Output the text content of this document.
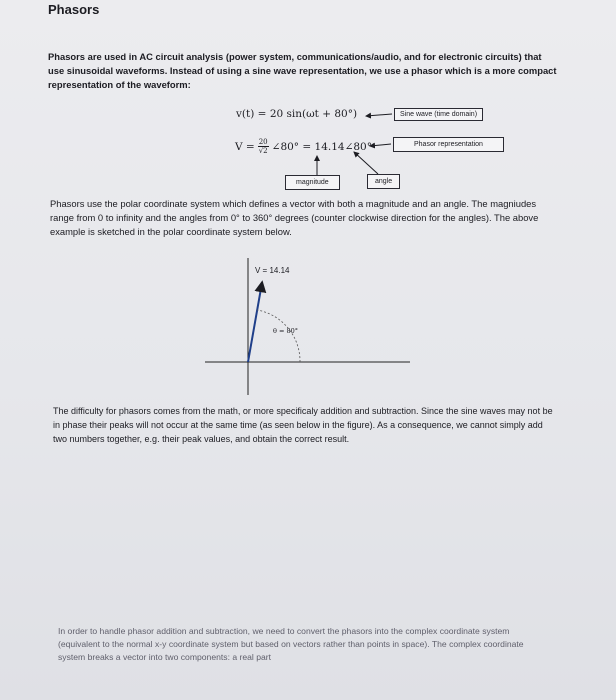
Phasors
Phasors are used in AC circuit analysis (power system, communications/audio, and for electronic circuits) that use sinusoidal waveforms. Instead of using a sine wave representation, we use a phasor which is a more compact representation of the waveform:
v(t) = 20 sin(ωt + 80°)
$V = \frac{20}{√2}$ ∠80° = 14.14∠80°
Sine wave (time domain)
Phasor representation
magnitude	angle
V = 14.14
θ = 80°
Phasors use the polar coordinate system which defines a vector with both a magnitude and an angle. The magniudes range from 0 to infinity and the angles from 0° to 360° degrees (counter clockwise direction for the angles). The above example is sketched in the polar coordinate system below.
The difficulty for phasors comes from the math, or more specificaly addition and subtraction. Since the sine waves may not be in phase their peaks will not occur at the same time (as seen below in the figure). As a consequence, we cannot simply add two numbers together, e.g. their peak values, and obtain the correct result.
In order to handle phasor addition and subtraction, we need to convert the phasors into the complex coordinate system (equivalent to the normal x-y coordinate system but based on vectors rather than points in space). The complex coordinate system breaks a vector into two components: a real part
